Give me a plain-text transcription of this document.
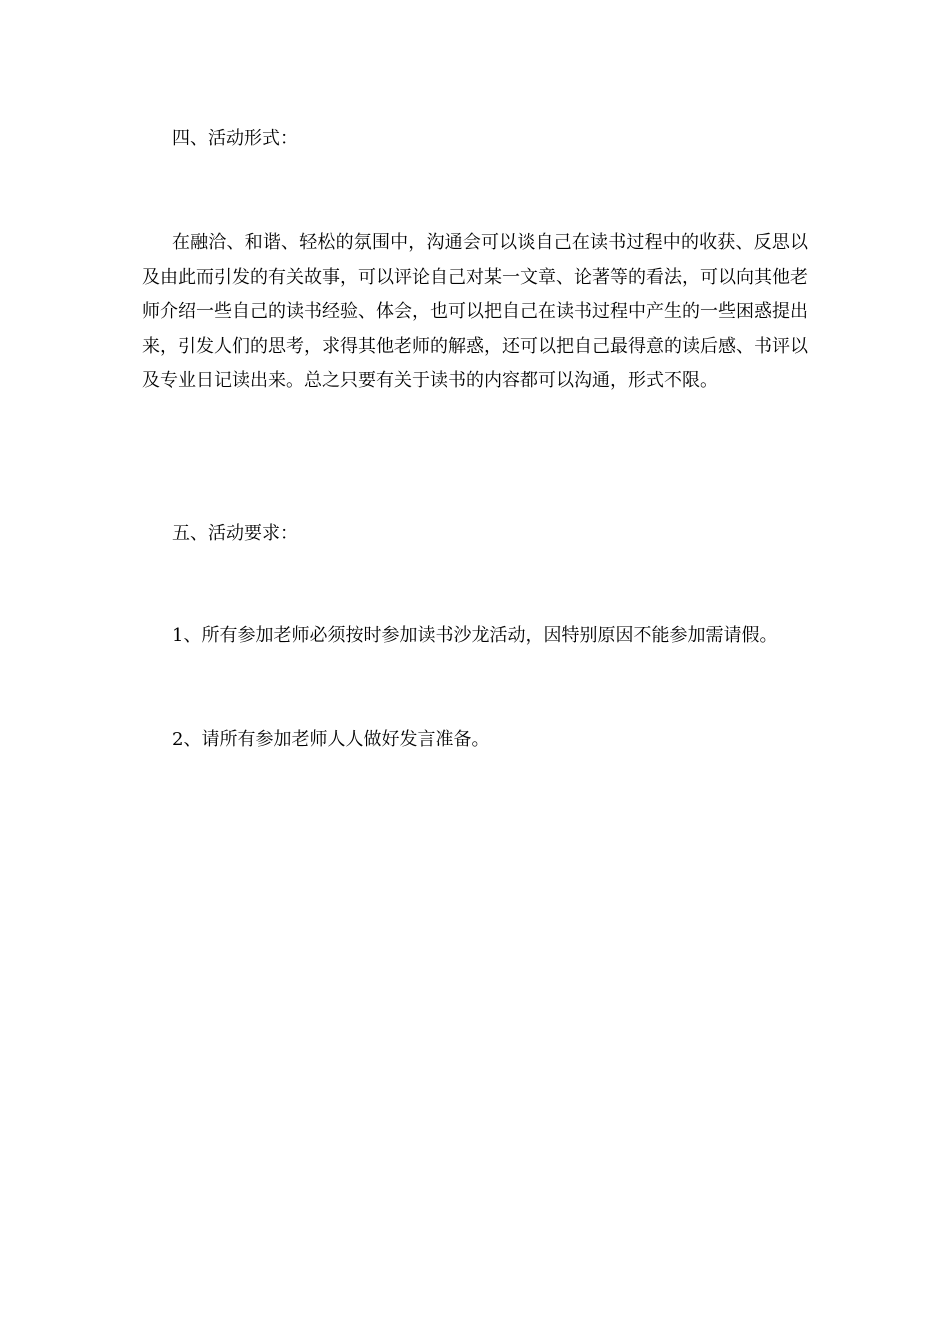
四、活动形式：
在融洽、和谐、轻松的氛围中，沟通会可以谈自己在读书过程中的收获、反思以及由此而引发的有关故事，可以评论自己对某一文章、论著等的看法，可以向其他老师介绍一些自己的读书经验、体会，也可以把自己在读书过程中产生的一些困惑提出来，引发人们的思考，求得其他老师的解惑，还可以把自己最得意的读后感、书评以及专业日记读出来。总之只要有关于读书的内容都可以沟通，形式不限。
五、活动要求：
1、所有参加老师必须按时参加读书沙龙活动，因特别原因不能参加需请假。
2、请所有参加老师人人做好发言准备。
